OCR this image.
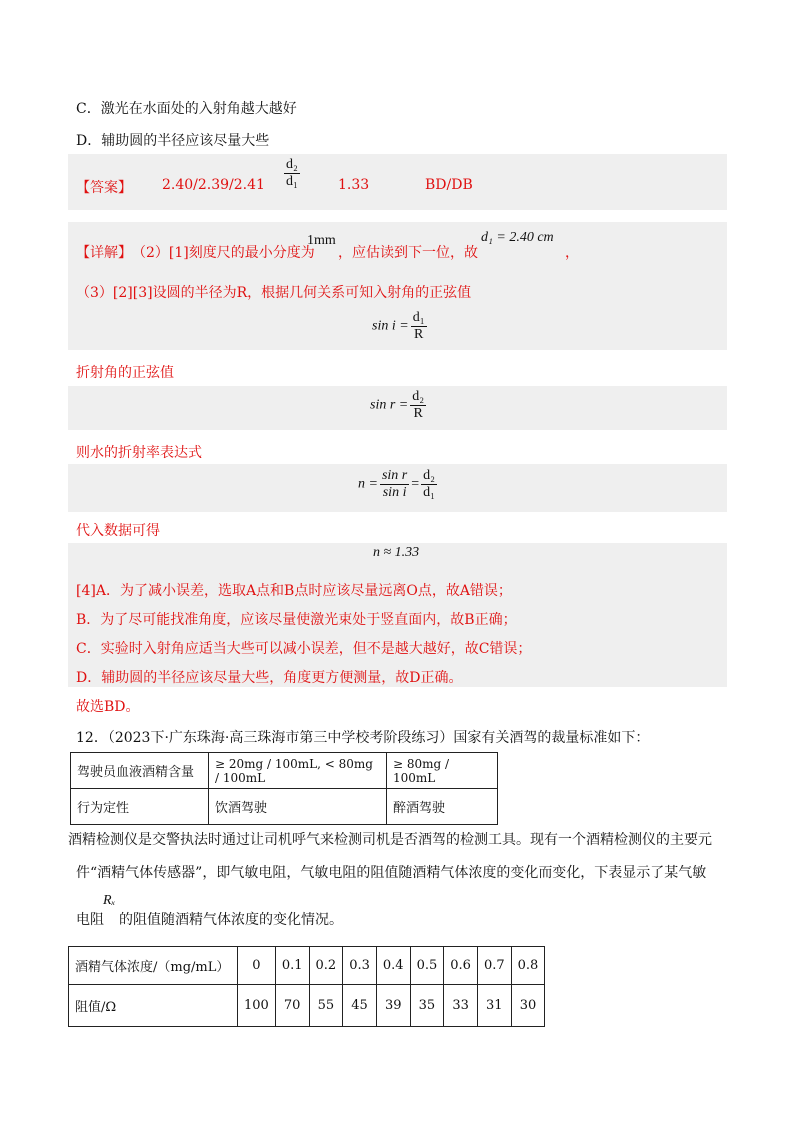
C．激光在水面处的入射角越大越好
D．辅助圆的半径应该尽量大些
【答案】 $2.40/2.39/2.41 \frac{\text{d₂}}{\text{d₁}}$	1.33	BD/DB
【详解】 （2）[1]刻度尺的最小分度为
1mm
，应估读到下一位，故
d₁ = 2.40 cm
，
（3）[2][3]设圆的半径为R，根据几何关系可知入射角的正弦值
$\sin i = \frac{\text{d₁}}{R}$
折射角的正弦值
$\sin r = \frac{\text{d₂}}{R}$
则水的折射率表达式
$n = \frac{\text{sin r}}{\text{sin i}} = \frac{\text{d₂}}{\text{d₁}}$
代入数据可得
n ≈ 1.33
[4]A．为了减小误差，选取A点和B点时应该尽量远离O点，故A错误；
B．为了尽可能找准角度，应该尽量使激光束处于竖直面内，故B正确；
C．实验时入射角应适当大些可以减小误差，但不是越大越好，故C错误；
D．辅助圆的半径应该尽量大些，角度更方便测量，故D正确。
故选BD。
12．（2023下·广东珠海·高三珠海市第三中学校考阶段练习）国家有关酒驾的裁量标准如下：
驾驶员血液酒精含量	≥ 20mg / 100mL, < 80mg / 100mL	≥ 80mg / 100mL
行为定性	饮酒驾驶	醉酒驾驶
酒精检测仪是交警执法时通过让司机呼气来检测司机是否酒驾的检测工具。现有一个酒精检测仪的主要元
件“酒精气体传感器”，即气敏电阻，气敏电阻的阻值随酒精气体浓度的变化而变化，下表显示了某气敏
电阻
Rₓ
的阻值随酒精气体浓度的变化情况。
酒精气体浓度/（mg/mL）	0	0.1	0.2	0.3	0.4	0.5	0.6	0.7	0.8
阻值/Ω	100	70	55	45	39	35	33	31	30
